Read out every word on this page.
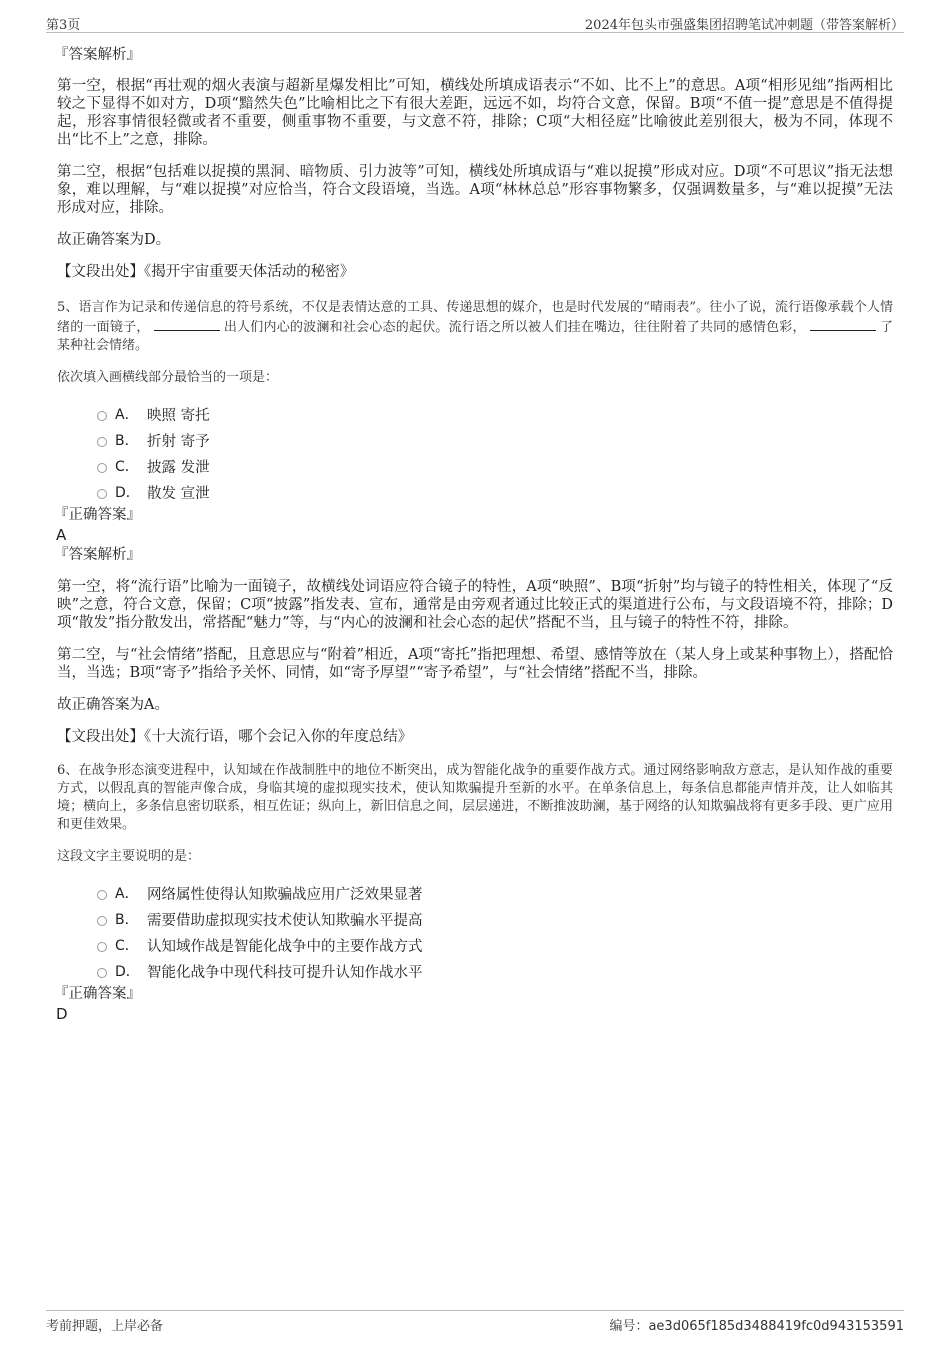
第3页	2024年包头市强盛集团招聘笔试冲刺题（带答案解析）
『答案解析』
第一空，根据“再壮观的烟火表演与超新星爆发相比”可知，横线处所填成语表示“不如、比不上”的意思。A项“相形见绌”指两相比较之下显得不如对方，D项“黯然失色”比喻相比之下有很大差距，远远不如，均符合文意，保留。B项“不值一提”意思是不值得提起，形容事情很轻微或者不重要，侧重事物不重要，与文意不符，排除；C项“大相径庭”比喻彼此差别很大，极为不同，体现不出“比不上”之意，排除。
第二空，根据“包括难以捉摸的黑洞、暗物质、引力波等”可知，横线处所填成语与“难以捉摸”形成对应。D项“不可思议”指无法想象，难以理解，与“难以捉摸”对应恰当，符合文段语境，当选。A项“林林总总”形容事物繁多，仅强调数量多，与“难以捉摸”无法形成对应，排除。
故正确答案为D。
【文段出处】《揭开宇宙重要天体活动的秘密》
5、语言作为记录和传递信息的符号系统，不仅是表情达意的工具、传递思想的媒介，也是时代发展的“晴雨表”。往小了说，流行语像承载个人情绪的一面镜子，	出人们内心的波澜和社会心态的起伏。流行语之所以被人们挂在嘴边，往往附着了共同的感情色彩，	了某种社会情绪。
依次填入画横线部分最恰当的一项是：
A． 映照 寄托
B． 折射 寄予
C． 披露 发泄
D． 散发 宣泄
『正确答案』
A
『答案解析』
第一空，将“流行语”比喻为一面镜子，故横线处词语应符合镜子的特性，A项“映照”、B项“折射”均与镜子的特性相关，体现了“反映”之意，符合文意，保留；C项“披露”指发表、宣布，通常是由旁观者通过比较正式的渠道进行公布，与文段语境不符，排除；D项“散发”指分散发出，常搭配“魅力”等，与“内心的波澜和社会心态的起伏”搭配不当，且与镜子的特性不符，排除。
第二空，与“社会情绪”搭配，且意思应与“附着”相近，A项“寄托”指把理想、希望、感情等放在（某人身上或某种事物上），搭配恰当，当选；B项“寄予”指给予关怀、同情，如“寄予厚望”“寄予希望”，与“社会情绪”搭配不当，排除。
故正确答案为A。
【文段出处】《十大流行语，哪个会记入你的年度总结》
6、在战争形态演变进程中，认知域在作战制胜中的地位不断突出，成为智能化战争的重要作战方式。通过网络影响敌方意志，是认知作战的重要方式，以假乱真的智能声像合成，身临其境的虚拟现实技术，使认知欺骗提升至新的水平。在单条信息上，每条信息都能声情并茂，让人如临其境；横向上，多条信息密切联系，相互佐证；纵向上，新旧信息之间，层层递进，不断推波助澜，基于网络的认知欺骗战将有更多手段、更广应用和更佳效果。
这段文字主要说明的是：
A． 网络属性使得认知欺骗战应用广泛效果显著
B． 需要借助虚拟现实技术使认知欺骗水平提高
C． 认知域作战是智能化战争中的主要作战方式
D． 智能化战争中现代科技可提升认知作战水平
『正确答案』
D
考前押题，上岸必备	编号：ae3d065f185d3488419fc0d943153591
